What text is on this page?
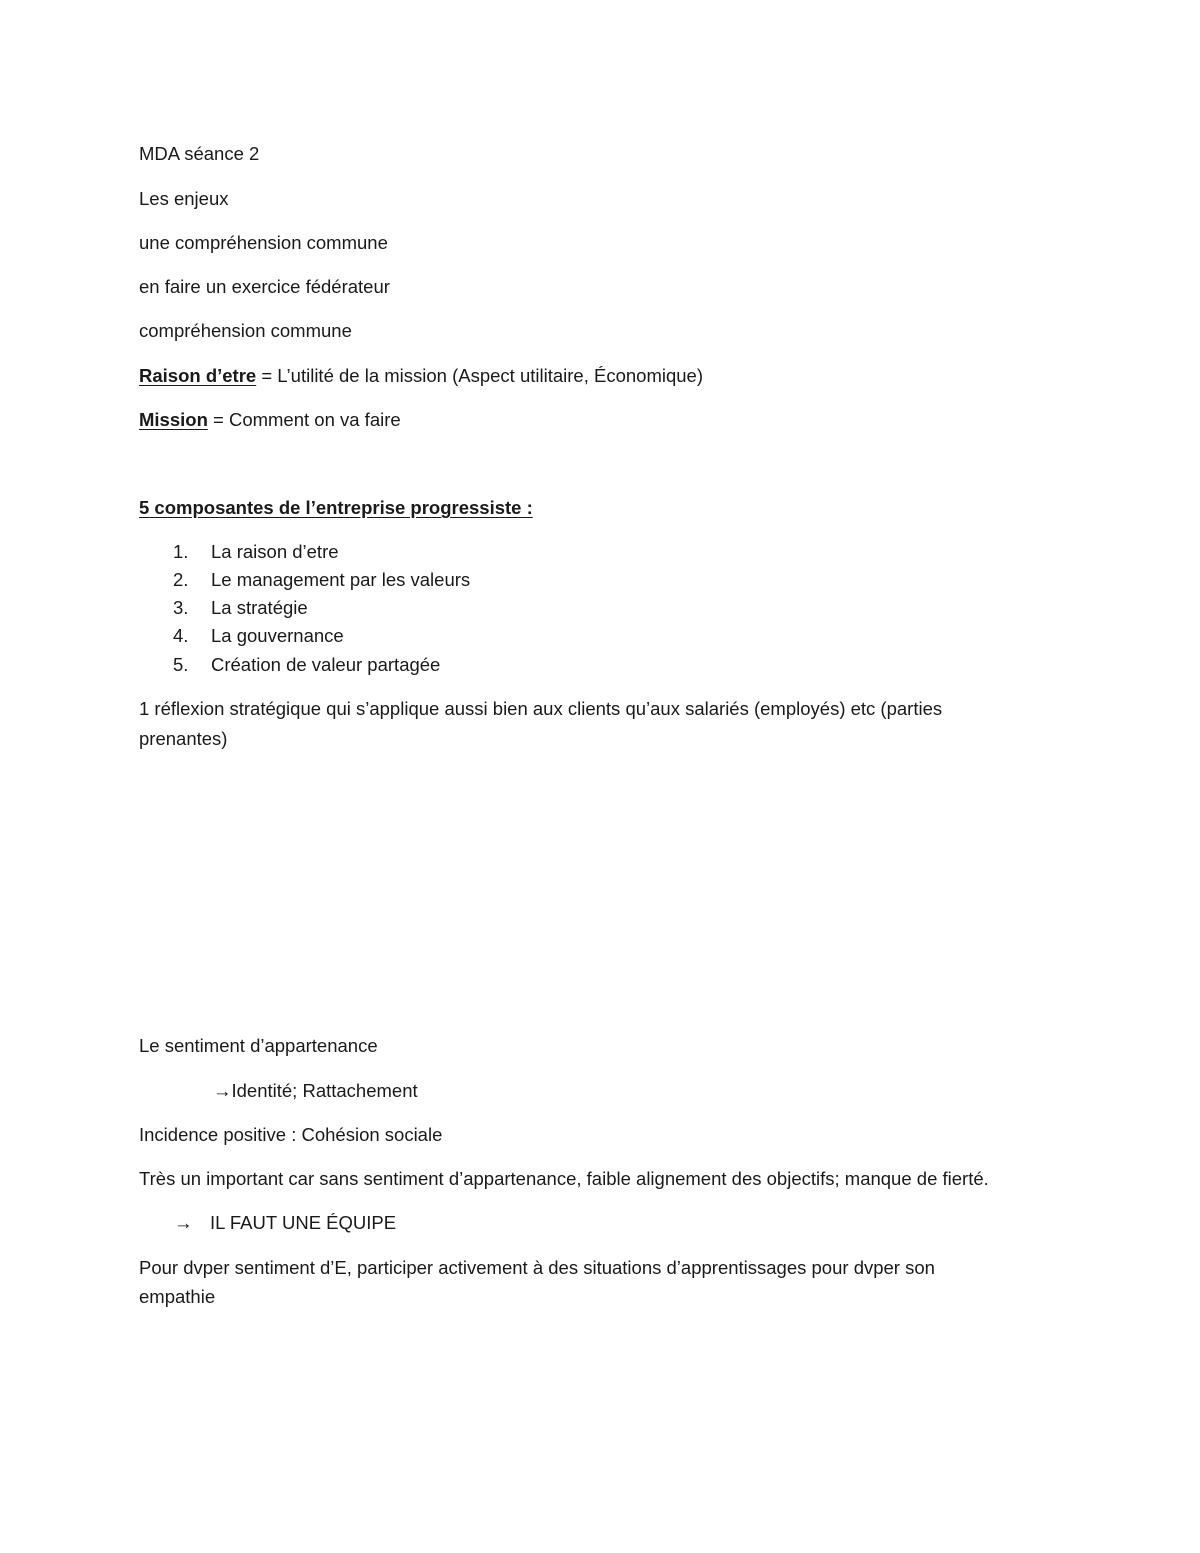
MDA séance 2
Les enjeux
une compréhension commune
en faire un exercice fédérateur
compréhension commune
Raison d’etre = L’utilité de la mission (Aspect utilitaire, Économique)
Mission = Comment on va faire
5 composantes de l’entreprise progressiste :
1. La raison d’etre
2. Le management par les valeurs
3. La stratégie
4. La gouvernance
5. Création de valeur partagée
1 réflexion stratégique qui s’applique aussi bien aux clients qu’aux salariés (employés) etc (parties
prenantes)
Le sentiment d’appartenance
→Identité; Rattachement
Incidence positive : Cohésion sociale
Très un important car sans sentiment d’appartenance, faible alignement des objectifs; manque de fierté.
→ IL FAUT UNE ÉQUIPE
Pour dvper sentiment d’E, participer activement à des situations d’apprentissages pour dvper son
empathie
